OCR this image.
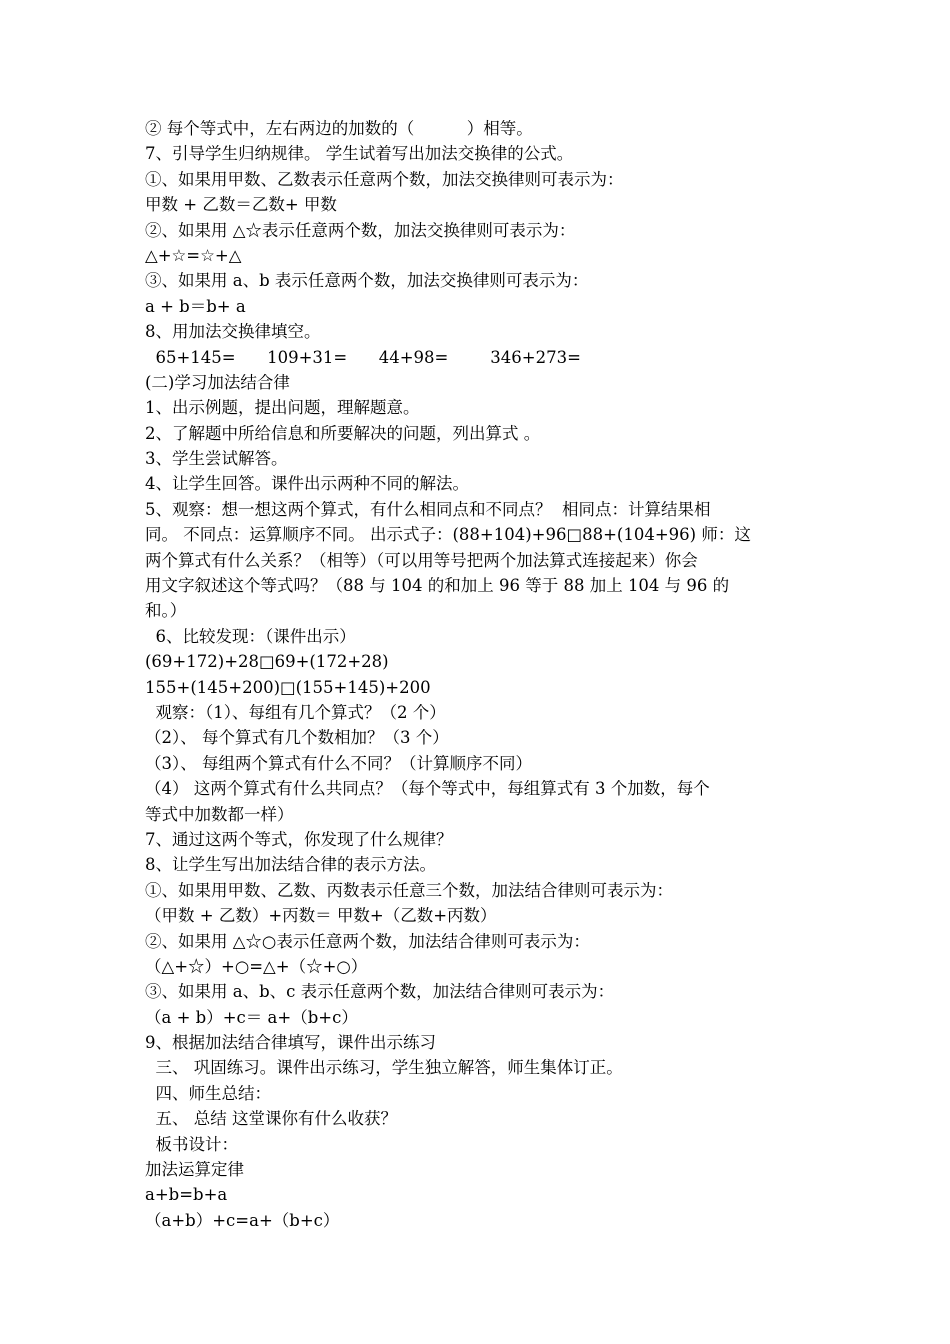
② 每个等式中，左右两边的加数的（          ）相等。
7、引导学生归纳规律。 学生试着写出加法交换律的公式。
①、如果用甲数、乙数表示任意两个数，加法交换律则可表示为：
甲数 + 乙数＝乙数+ 甲数
②、如果用 △☆表示任意两个数，加法交换律则可表示为：
△+☆=☆+△
③、如果用 a、b 表示任意两个数，加法交换律则可表示为：
a + b＝b+ a
8、用加法交换律填空。
65+145=      109+31=      44+98=        346+273=
(二)学习加法结合律
1、出示例题，提出问题，理解题意。
2、了解题中所给信息和所要解决的问题，列出算式 。
3、学生尝试解答。
4、让学生回答。课件出示两种不同的解法。
5、观察：想一想这两个算式，有什么相同点和不同点？  相同点：计算结果相
同。 不同点：运算顺序不同。 出示式子：(88+104)+96□88+(104+96) 师：这
两个算式有什么关系？（相等）（可以用等号把两个加法算式连接起来）你会
用文字叙述这个等式吗？（88 与 104 的和加上 96 等于 88 加上 104 与 96 的
和。）
6、比较发现：（课件出示）
(69+172)+28□69+(172+28)
155+(145+200)□(155+145)+200
观察：（1）、每组有几个算式？（2 个）
（2）、 每个算式有几个数相加？（3 个）
（3）、 每组两个算式有什么不同？（计算顺序不同）
（4） 这两个算式有什么共同点？（每个等式中，每组算式有 3 个加数，每个
等式中加数都一样）
7、通过这两个等式，你发现了什么规律？
8、让学生写出加法结合律的表示方法。
①、如果用甲数、乙数、丙数表示任意三个数，加法结合律则可表示为：
（甲数 + 乙数）+丙数＝ 甲数+（乙数+丙数）
②、如果用 △☆○表示任意两个数，加法结合律则可表示为：
（△+☆）+○=△+（☆+○）
③、如果用 a、b、c 表示任意两个数，加法结合律则可表示为：
（a + b）+c＝ a+（b+c）
9、根据加法结合律填写，课件出示练习
三、 巩固练习。课件出示练习，学生独立解答，师生集体订正。
四、师生总结：
五、 总结 这堂课你有什么收获？
板书设计：
加法运算定律
a+b=b+a
（a+b）+c=a+（b+c）
